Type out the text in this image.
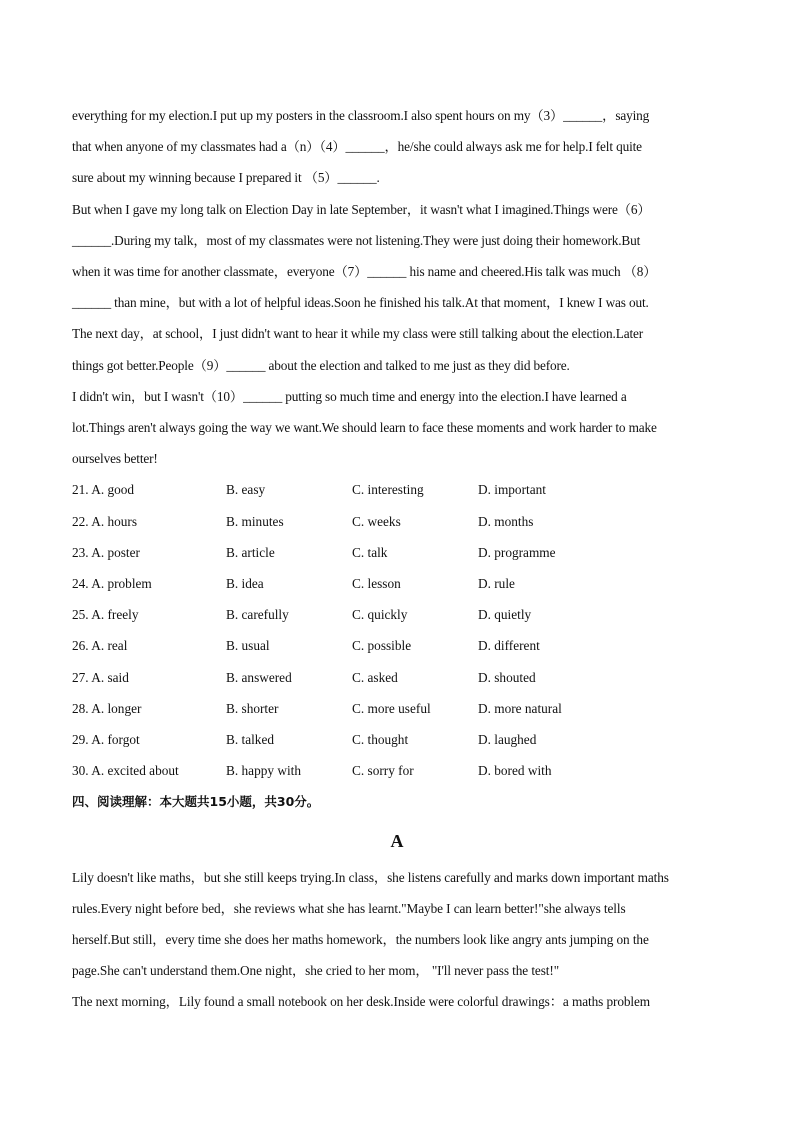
everything for my election.I put up my posters in the classroom.I also spent hours on my（3）______，saying
that when anyone of my classmates had a（n）（4）______，he/she could always ask me for help.I felt quite
sure about my winning because I prepared it （5）______.
But when I gave my long talk on Election Day in late September，it wasn't what I imagined.Things were（6）
______.During my talk，most of my classmates were not listening.They were just doing their homework.But
when it was time for another classmate，everyone（7）______ his name and cheered.His talk was much （8）
______ than mine，but with a lot of helpful ideas.Soon he finished his talk.At that moment，I knew I was out.
The next day，at school，I just didn't want to hear it while my class were still talking about the election.Later
things got better.People（9）______ about the election and talked to me just as they did before.
I didn't win，but I wasn't（10）______ putting so much time and energy into the election.I have learned a
lot.Things aren't always going the way we want.We should learn to face these moments and work harder to make
ourselves better!
21. A. good	B. easy	C. interesting	D. important
22. A. hours	B. minutes	C. weeks	D. months
23. A. poster	B. article	C. talk	D. programme
24. A. problem	B. idea	C. lesson	D. rule
25. A. freely	B. carefully	C. quickly	D. quietly
26. A. real	B. usual	C. possible	D. different
27. A. said	B. answered	C. asked	D. shouted
28. A. longer	B. shorter	C. more useful	D. more natural
29. A. forgot	B. talked	C. thought	D. laughed
30. A. excited about	B. happy with	C. sorry for	D. bored with
四、阅读理解：本大题共15小题，共30分。
A
Lily doesn't like maths，but she still keeps trying.In class，she listens carefully and marks down important maths
rules.Every night before bed，she reviews what she has learnt."Maybe I can learn better!"she always tells
herself.But still，every time she does her maths homework，the numbers look like angry ants jumping on the
page.She can't understand them.One night，she cried to her mom， "I'll never pass the test!"
The next morning，Lily found a small notebook on her desk.Inside were colorful drawings：a maths problem
